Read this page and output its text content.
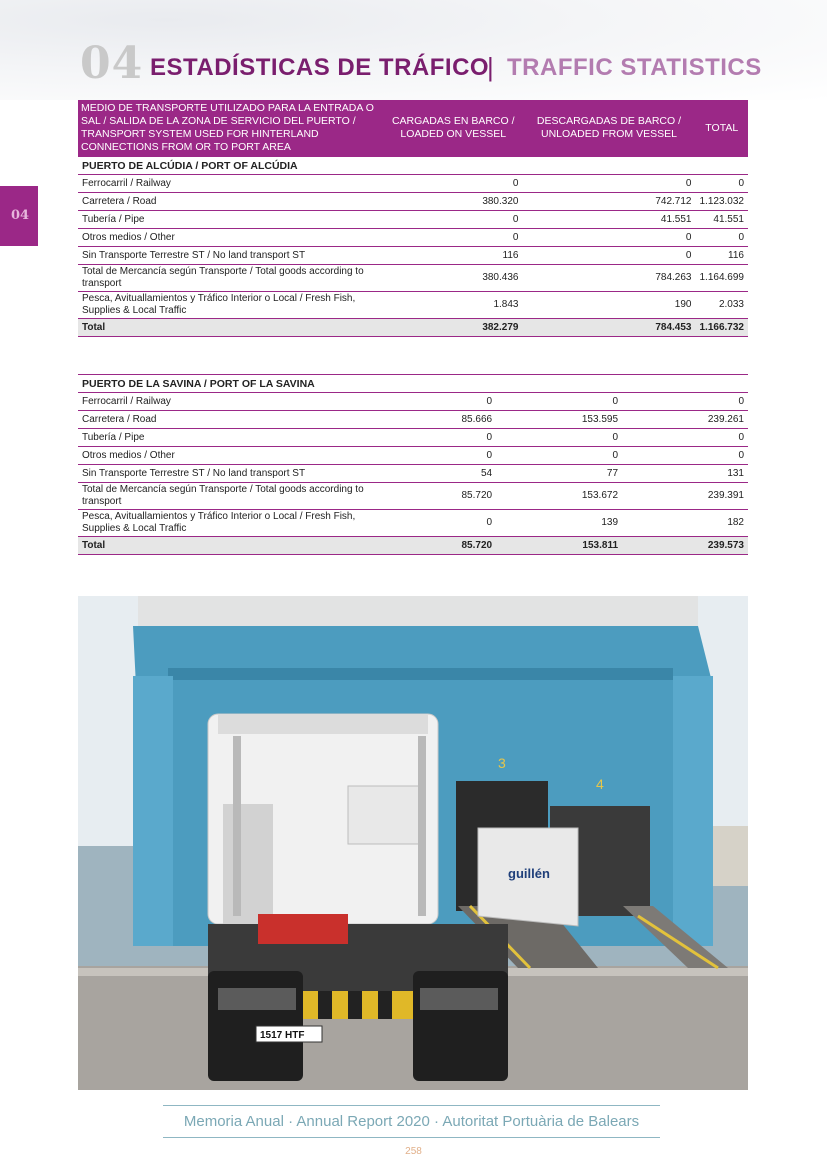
04 ESTADÍSTICAS DE TRÁFICO
| TRAFFIC STATISTICS
04
MEDIO DE TRANSPORTE UTILIZADO PARA LA ENTRADA O SAL / SALIDA DE LA ZONA DE SERVICIO DEL PUERTO / TRANSPORT SYSTEM USED FOR HINTERLAND CONNECTIONS FROM OR TO PORT AREA	CARGADAS EN BARCO / LOADED ON VESSEL	DESCARGADAS DE BARCO / UNLOADED FROM VESSEL	TOTAL
PUERTO DE ALCÚDIA / PORT OF ALCÚDIA			
Ferrocarril / Railway	0	0	0
Carretera / Road	380.320	742.712	1.123.032
Tubería / Pipe	0	41.551	41.551
Otros medios / Other	0	0	0
Sin Transporte Terrestre ST / No land transport ST	116	0	116
Total de Mercancía según Transporte / Total goods according to transport	380.436	784.263	1.164.699
Pesca, Avituallamientos y Tráfico Interior o Local / Fresh Fish, Supplies & Local Traffic	1.843	190	2.033
Total	382.279	784.453	1.166.732
PUERTO DE LA SAVINA / PORT OF LA SAVINA			
Ferrocarril / Railway	0	0	0
Carretera / Road	85.666	153.595	239.261
Tubería / Pipe	0	0	0
Otros medios / Other	0	0	0
Sin Transporte Terrestre ST / No land transport ST	54	77	131
Total de Mercancía según Transporte / Total goods according to transport	85.720	153.672	239.391
Pesca, Avituallamientos y Tráfico Interior o Local / Fresh Fish, Supplies & Local Traffic	0	139	182
Total	85.720	153.811	239.573
3
4
guillén
1517 HTF
Memoria Anual · Annual Report 2020 · Autoritat Portuària de Balears
258
